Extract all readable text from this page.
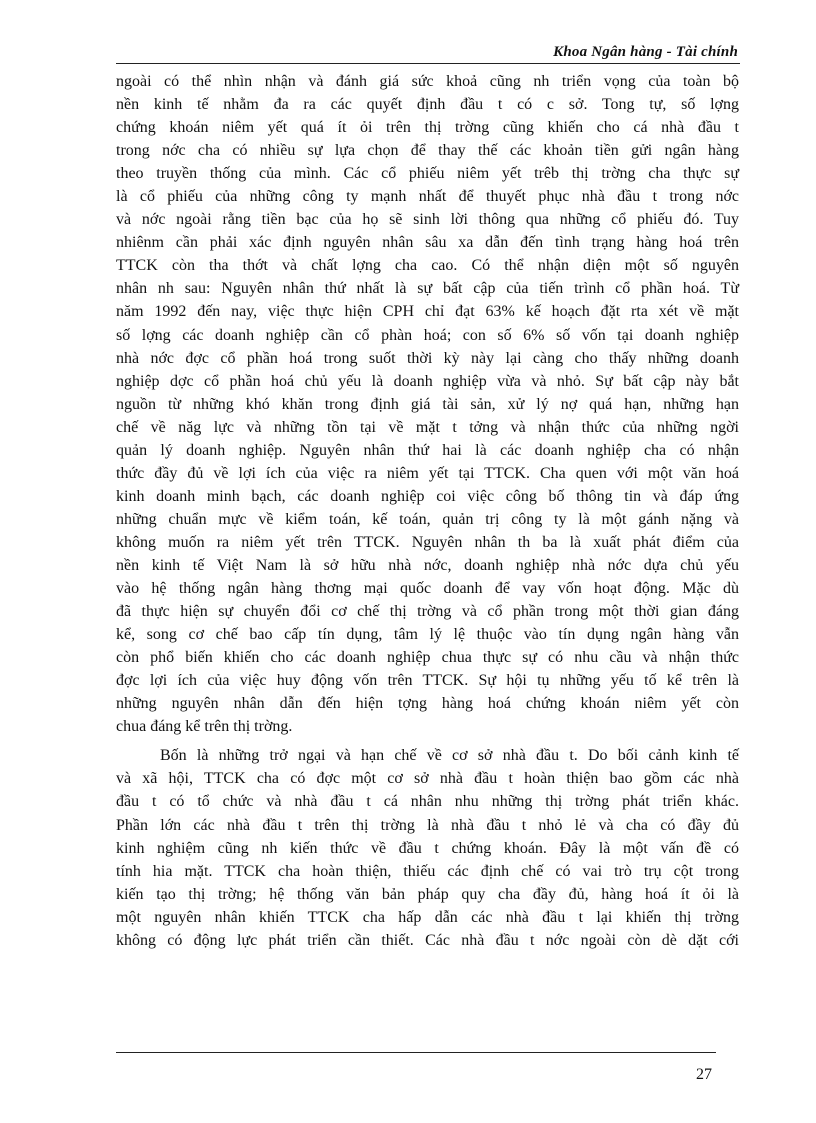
Khoa Ngân hàng - Tài chính
ngoài có thể nhìn nhận và đánh giá sức khoả cũng nh triển vọng của toàn bộ
nền kinh tế nhằm đa ra các quyết định đầu t có c sở. Tong tự, số lợng
chứng khoán niêm yết quá ít ỏi trên thị trờng cũng khiến cho cá nhà đầu t
trong nớc cha có nhiều sự lựa chọn để thay thế các khoản tiền gửi ngân hàng
theo truyền thống của mình. Các cổ phiếu niêm yết trêb thị trờng cha thực sự
là cổ phiếu của những công ty mạnh nhất để thuyết phục nhà đầu t trong nớc
và nớc ngoài rằng tiền bạc của họ sẽ sinh lời thông qua những cổ phiếu đó. Tuy
nhiênm cần phải xác định nguyên nhân sâu xa dẫn đến tình trạng hàng hoá trên
TTCK còn tha thớt và chất lợng cha cao. Có thể nhận diện một số nguyên
nhân nh sau: Nguyên nhân thứ nhất là sự bất cập của tiến trình cổ phần hoá. Từ
năm 1992 đến nay, việc thực hiện CPH chỉ đạt 63% kế hoạch đặt rta xét về mặt
số lợng các doanh nghiệp cần cổ phàn hoá; con số 6% số vốn tại doanh nghiệp
nhà nớc đợc cổ phần hoá trong suốt thời kỳ này lại càng cho thấy những doanh
nghiệp dợc cổ phần hoá chủ yếu là doanh nghiệp vừa và nhỏ. Sự bất cập này bắt
nguồn từ những khó khăn trong định giá tài sản, xử lý nợ quá hạn, những hạn
chế về năg lực và những tồn tại về mặt t tởng và nhận thức của những ngời
quản lý doanh nghiệp. Nguyên nhân thứ hai là các doanh nghiệp cha có nhận
thức đầy đủ về lợi ích của việc ra niêm yết tại TTCK. Cha quen với một văn hoá
kinh doanh minh bạch, các doanh nghiệp coi việc công bố thông tin và đáp ứng
những chuẩn mực về kiểm toán, kế toán, quản trị công ty là một gánh nặng và
không muốn ra niêm yết trên TTCK. Nguyên nhân th ba là xuất phát điểm của
nền kinh tế Việt Nam là sở hữu nhà nớc, doanh nghiệp nhà nớc dựa chủ yếu
vào hệ thống ngân hàng thơng mại quốc doanh để vay vốn hoạt động. Mặc dù
đã thực hiện sự chuyển đổi cơ chế thị trờng và cổ phần trong một thời gian đáng
kể, song cơ chế bao cấp tín dụng, tâm lý lệ thuộc vào tín dụng ngân hàng vẫn
còn phổ biến khiến cho các doanh nghiệp chua thực sự có nhu cầu và nhận thức
đợc lợi ích của việc huy động vốn trên TTCK. Sự hội tụ những yếu tố kể trên là
những nguyên nhân dẫn đến hiện tợng hàng hoá chứng khoán niêm yết còn
chua đáng kể trên thị trờng.
Bốn là những trở ngại và hạn chế về cơ sở nhà đầu t. Do bối cảnh kinh tế
và xã hội, TTCK cha có đợc một cơ sở nhà đầu t hoàn thiện bao gồm các nhà
đầu t có tổ chức và nhà đầu t cá nhân nhu những thị trờng phát triển khác.
Phần lớn các nhà đầu t trên thị trờng là nhà đầu t nhỏ lẻ và cha có đầy đủ
kinh nghiệm cũng nh kiến thức về đầu t chứng khoán. Đây là một vấn đề có
tính hia mặt. TTCK cha hoàn thiện, thiếu các định chế có vai trò trụ cột trong
kiến tạo thị trờng; hệ thống văn bản pháp quy cha đầy đủ, hàng hoá ít ỏi là
một nguyên nhân khiến TTCK cha hấp dẫn các nhà đầu t lại khiến thị trờng
không có động lực phát triển cần thiết. Các nhà đầu t nớc ngoài còn dè dặt cới
27
